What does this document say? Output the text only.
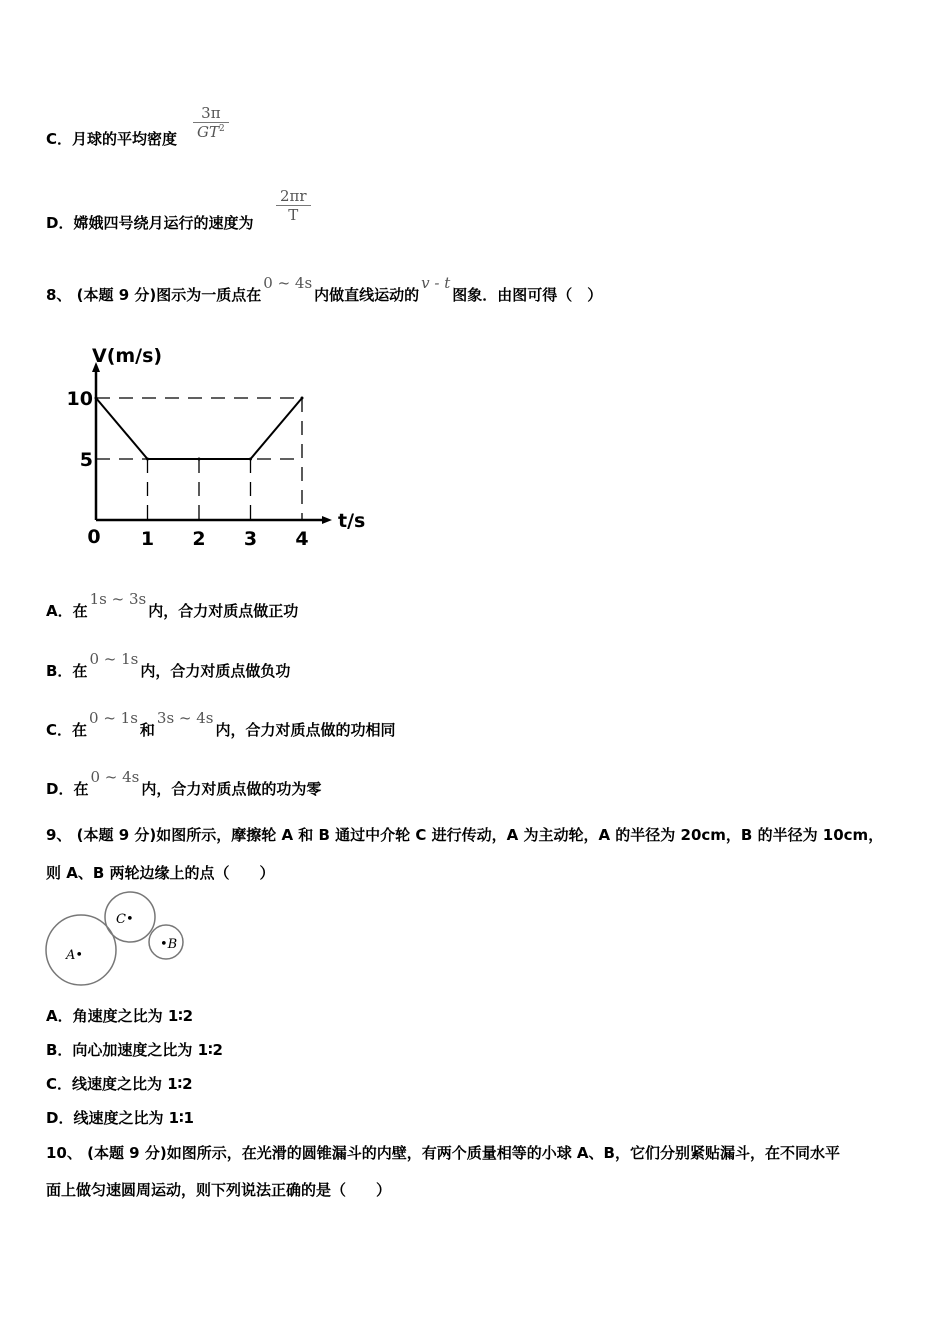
C．月球的平均密度 $\frac{3\pi}{GT^2}$
D．嫦娥四号绕月运行的速度为 $\frac{2\pi r}{T}$
8、 (本题 9 分)图示为一质点在0 ~ 4s内做直线运动的v - t图象．由图可得（　）
1 2 3 4
5
10
0
V(m/s)
t/s
A．在1s ~ 3s内，合力对质点做正功
B．在0 ~ 1s内，合力对质点做负功
C．在0 ~ 1s和3s ~ 4s内，合力对质点做的功相同
D．在0 ~ 4s内，合力对质点做的功为零
9、 (本题 9 分)如图所示，摩擦轮 A 和 B 通过中介轮 C 进行传动，A 为主动轮，A 的半径为 20cm，B 的半径为 10cm，
则 A、B 两轮边缘上的点（　　）
A•
C•
•B
A．角速度之比为 1∶2
B．向心加速度之比为 1∶2
C．线速度之比为 1∶2
D．线速度之比为 1∶1
10、 (本题 9 分)如图所示，在光滑的圆锥漏斗的内壁，有两个质量相等的小球 A、B，它们分别紧贴漏斗，在不同水平
面上做匀速圆周运动，则下列说法正确的是（　　）
